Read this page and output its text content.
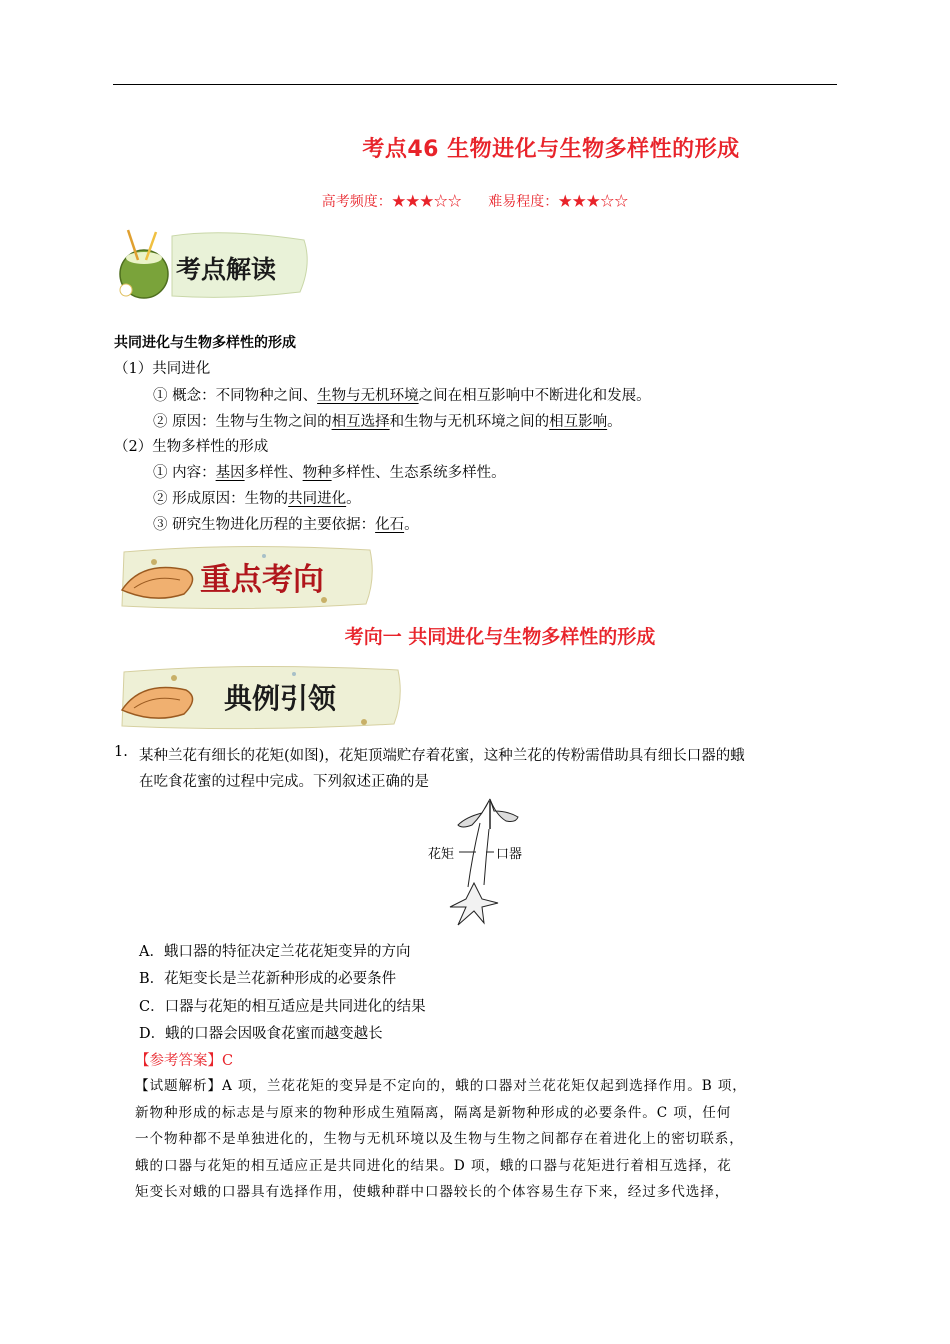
考点46 生物进化与生物多样性的形成
高考频度：★★★☆☆ 难易程度：★★★☆☆
考点解读
共同进化与生物多样性的形成
（1）共同进化
① 概念：不同物种之间、生物与无机环境之间在相互影响中不断进化和发展。
② 原因：生物与生物之间的相互选择和生物与无机环境之间的相互影响。
（2）生物多样性的形成
① 内容：基因多样性、物种多样性、生态系统多样性。
② 形成原因：生物的共同进化。
③ 研究生物进化历程的主要依据：化石。
重点考向
考向一 共同进化与生物多样性的形成
典例引领
1. 某种兰花有细长的花矩(如图)，花矩顶端贮存着花蜜，这种兰花的传粉需借助具有细长口器的蛾
在吃食花蜜的过程中完成。下列叙述正确的是
花矩	口器
A．蛾口器的特征决定兰花花矩变异的方向
B．花矩变长是兰花新种形成的必要条件
C．口器与花矩的相互适应是共同进化的结果
D．蛾的口器会因吸食花蜜而越变越长
【参考答案】C
【试题解析】A 项，兰花花矩的变异是不定向的，蛾的口器对兰花花矩仅起到选择作用。B 项，
新物种形成的标志是与原来的物种形成生殖隔离，隔离是新物种形成的必要条件。C 项，任何
一个物种都不是单独进化的，生物与无机环境以及生物与生物之间都存在着进化上的密切联系，
蛾的口器与花矩的相互适应正是共同进化的结果。D 项，蛾的口器与花矩进行着相互选择，花
矩变长对蛾的口器具有选择作用，使蛾种群中口器较长的个体容易生存下来，经过多代选择，
